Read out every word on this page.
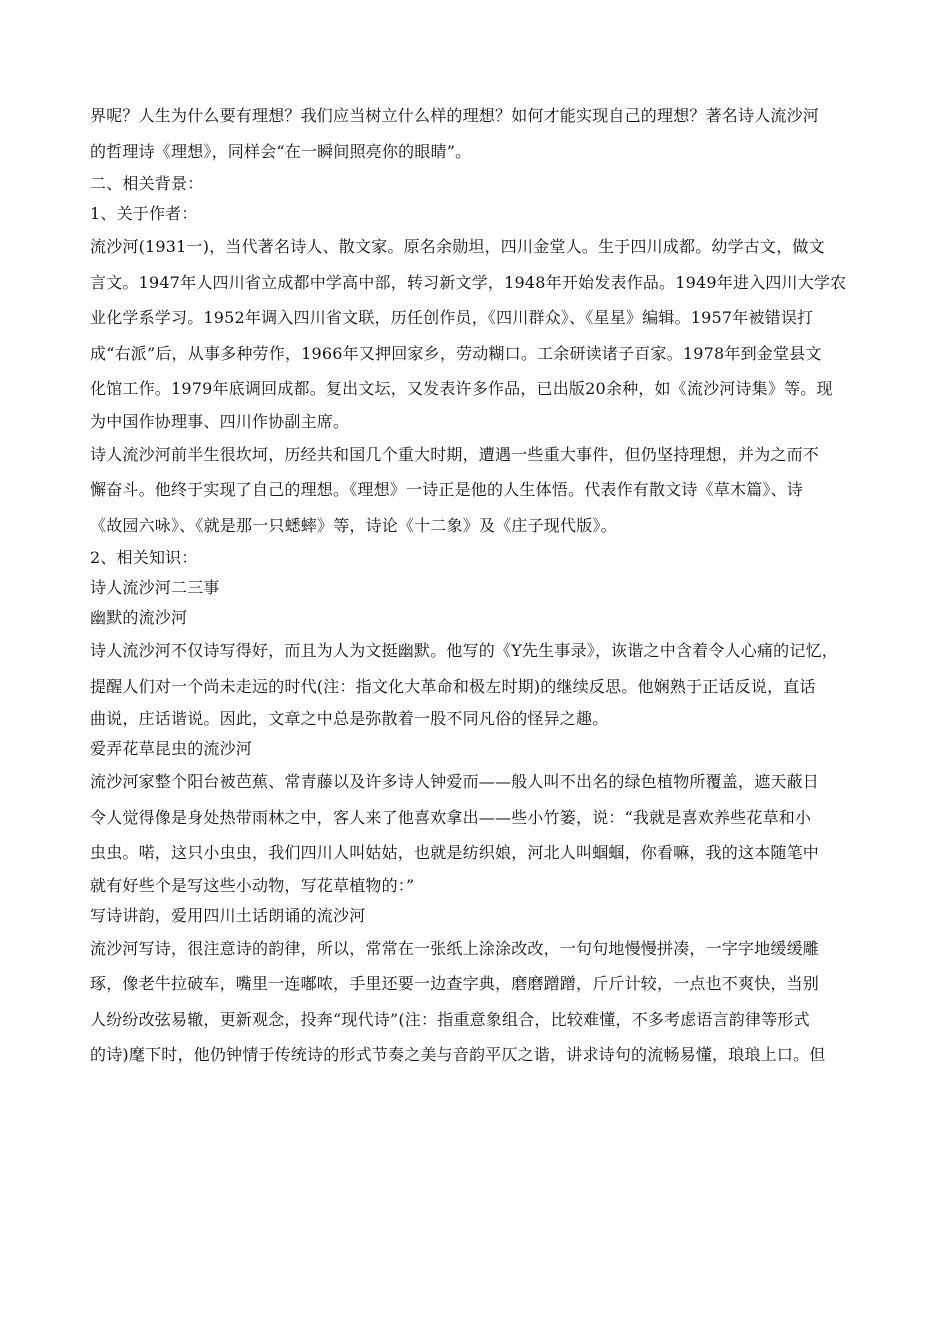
界呢？人生为什么要有理想？我们应当树立什么样的理想？如何才能实现自己的理想？著名诗人流沙河
的哲理诗《理想》，同样会“在一瞬间照亮你的眼睛”。
二、相关背景：
1、关于作者：
流沙河(1931一)，当代著名诗人、散文家。原名余勋坦，四川金堂人。生于四川成都。幼学古文，做文
言文。1947年人四川省立成都中学高中部，转习新文学，1948年开始发表作品。1949年进入四川大学农
业化学系学习。1952年调入四川省文联，历任创作员，《四川群众》、《星星》编辑。1957年被错误打
成“右派”后，从事多种劳作，1966年又押回家乡，劳动糊口。工余研读诸子百家。1978年到金堂县文
化馆工作。1979年底调回成都。复出文坛，又发表许多作品，已出版20余种，如《流沙河诗集》等。现
为中国作协理事、四川作协副主席。
诗人流沙河前半生很坎坷，历经共和国几个重大时期，遭遇一些重大事件，但仍坚持理想，并为之而不
懈奋斗。他终于实现了自己的理想。《理想》一诗正是他的人生体悟。代表作有散文诗《草木篇》、诗
《故园六咏》、《就是那一只蟋蟀》等，诗论《十二象》及《庄子现代版》。
2、相关知识：
诗人流沙河二三事
幽默的流沙河
诗人流沙河不仅诗写得好，而且为人为文挺幽默。他写的《Y先生事录》，诙谐之中含着令人心痛的记忆，
提醒人们对一个尚未走远的时代(注：指文化大革命和极左时期)的继续反思。他娴熟于正话反说，直话
曲说，庄话谐说。因此，文章之中总是弥散着一股不同凡俗的怪异之趣。
爱弄花草昆虫的流沙河
流沙河家整个阳台被芭蕉、常青藤以及许多诗人钟爱而——般人叫不出名的绿色植物所覆盖，遮天蔽日
令人觉得像是身处热带雨林之中，客人来了他喜欢拿出——些小竹篓，说：“我就是喜欢养些花草和小
虫虫。喏，这只小虫虫，我们四川人叫姑姑，也就是纺织娘，河北人叫蝈蝈，你看嘛，我的这本随笔中
就有好些个是写这些小动物，写花草植物的：”
写诗讲韵，爱用四川土话朗诵的流沙河
流沙河写诗，很注意诗的韵律，所以，常常在一张纸上涂涂改改，一句句地慢慢拼凑，一字字地缓缓雕
琢，像老牛拉破车，嘴里一连嘟哝，手里还要一边查字典，磨磨蹭蹭，斤斤计较，一点也不爽快，当别
人纷纷改弦易辙，更新观念，投奔“现代诗”(注：指重意象组合，比较难懂，不多考虑语言韵律等形式
的诗)麾下时，他仍钟情于传统诗的形式节奏之美与音韵平仄之谐，讲求诗句的流畅易懂，琅琅上口。但
